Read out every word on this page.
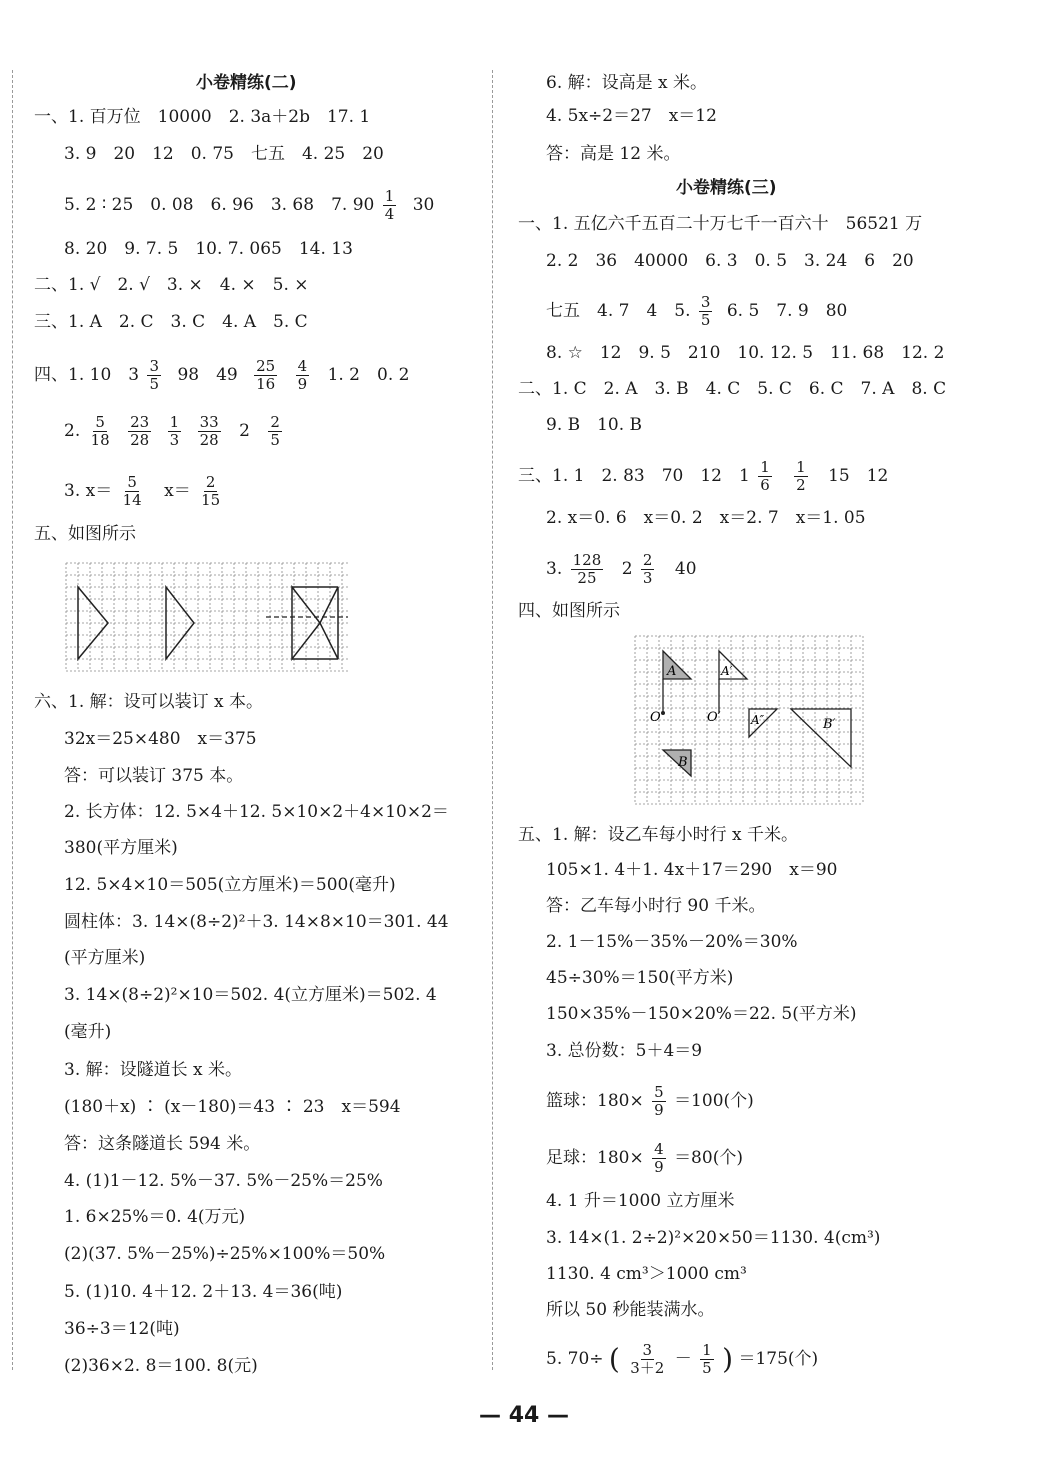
小卷精练(二)
一、1. 百万位　10000　2. 3a＋2b　17. 1
3. 9　20　12　0. 75　七五　4. 25　20
5. 2 ∶ 25　0. 08　6. 96　3. 68　7. $90 \frac{1}{4} 30$
8. 20　9. 7. 5　10. 7. 065　14. 13
二、1. √　2. √　3. ×　4. ×　5. ×
三、1. A　2. C　3. C　4. A　5. C
四、1. 10　$3 \frac{3}{5} 98$　$49 \frac{25}{16}$
$\frac{4}{9} 1$. 2　0. 2
2. $\frac{5}{18}$
$\frac{23}{28}$
$\frac{1}{3}$
$\frac{33}{28} 2 \frac{2}{5}$
3. $x= \frac{5}{14} x= \frac{2}{15}$
五、如图所示
六、1. 解：设可以装订 x 本。
32x＝25×480　x＝375
答：可以装订 375 本。
2. 长方体：12. 5×4＋12. 5×10×2＋4×10×2＝
380(平方厘米)
12. 5×4×10＝505(立方厘米)＝500(毫升)
圆柱体：3. 14×(8÷2)²＋3. 14×8×10＝301. 44
(平方厘米)
3. 14×(8÷2)²×10＝502. 4(立方厘米)＝502. 4
(毫升)
3. 解：设隧道长 x 米。
(180＋x) ∶ (x－180)＝43 ∶ 23　x＝594
答：这条隧道长 594 米。
4. (1)1－12. 5%－37. 5%－25%＝25%
1. 6×25%＝0. 4(万元)
(2)(37. 5%－25%)÷25%×100%＝50%
5. (1)10. 4＋12. 2＋13. 4＝36(吨)
36÷3＝12(吨)
(2)36×2. 8＝100. 8(元)
6. 解：设高是 x 米。
4. 5x÷2＝27　x＝12
答：高是 12 米。
小卷精练(三)
一、1. 五亿六千五百二十万七千一百六十　56521 万
2. 2　36　40000　6. 3　0. 5　3. 24　6　20
七五　4. 7　4　5. $\frac{3}{5} 6$. 5　7. 9　80
8. ☆　12　9. 5　210　10. 12. 5　11. 68　12. 2
二、1. C　2. A　3. B　4. C　5. C　6. C　7. A　8. C
9. B　10. B
三、1. 1　2. 83　70　12　$1 \frac{1}{6}$
$\frac{1}{2} 15$　12
2. x＝0. 6　x＝0. 2　x＝2. 7　x＝1. 05
3. $\frac{128}{25} 2 \frac{2}{3} 40$
四、如图所示
A
O
A′
O′	A″	B′
B
五、1. 解：设乙车每小时行 x 千米。
105×1. 4＋1. 4x＋17＝290　x＝90
答：乙车每小时行 90 千米。
2. 1－15%－35%－20%＝30%
45÷30%＝150(平方米)
150×35%－150×20%＝22. 5(平方米)
3. 总份数：5＋4＝9
篮球：$180\times \frac{5}{9} =100$(个)
足球：$180\times \frac{4}{9} =80$(个)
4. 1 升＝1000 立方厘米
3. 14×(1. 2÷2)²×20×50＝1130. 4(cm³)
1130. 4 cm³＞1000 cm³
所以 50 秒能装满水。
5. 70÷ ( $\frac{3}{3+2} - \frac{1}{5}$ ) ＝175(个)
— 44 —
